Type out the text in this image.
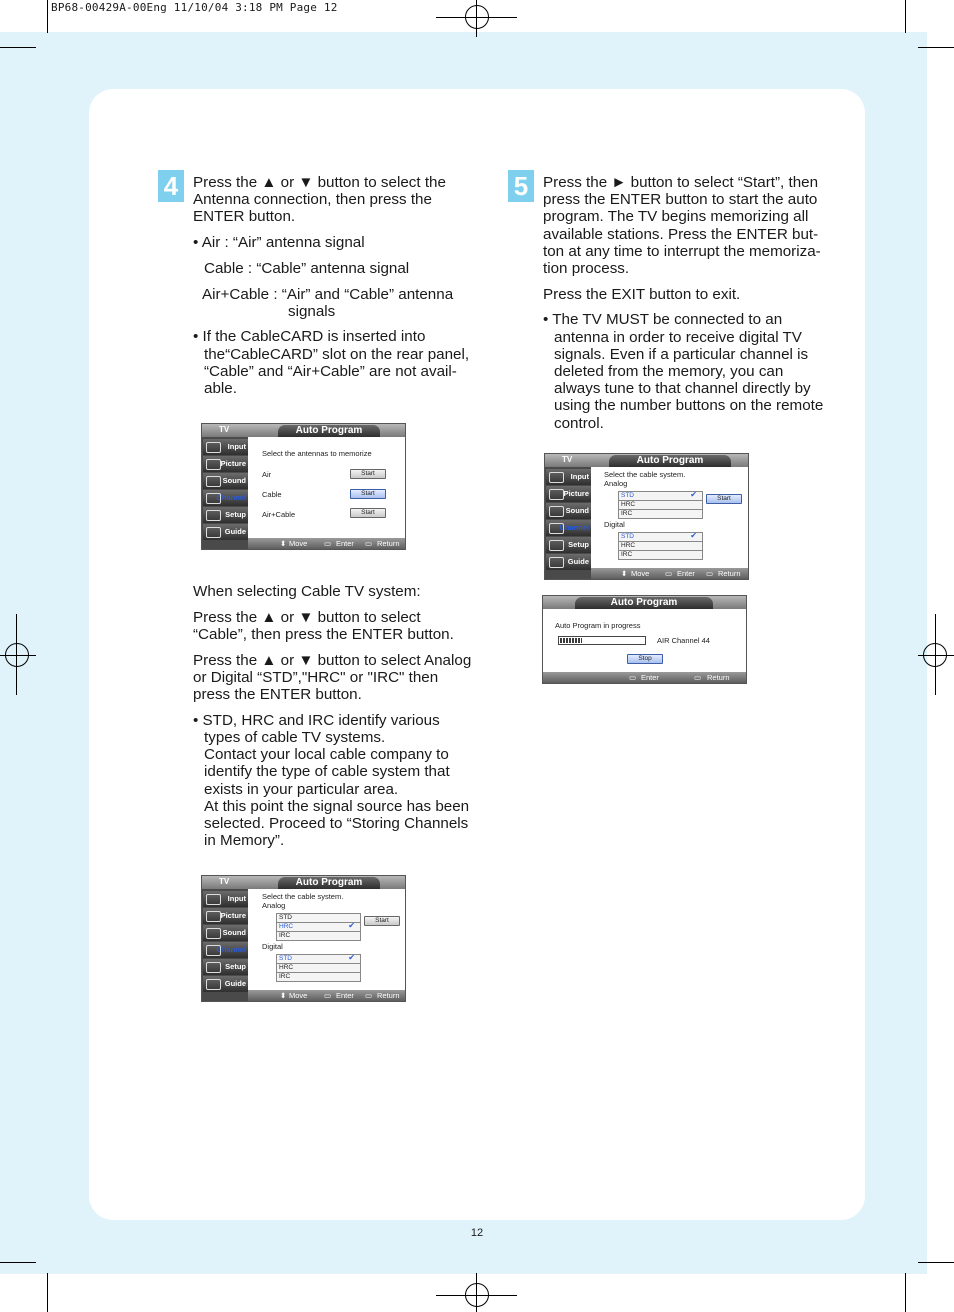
BP68-00429A-00Eng 11/10/04 3:18 PM Page 12
4 Press the ▲ or ▼ button to select the

Antenna connection, then press the

ENTER button.

• Air : “Air” antenna signal

Cable : “Cable” antenna signal

Air+Cable : “Air” and “Cable” antenna

signals

• If the CableCARD is inserted into

the“CableCARD” slot on the rear panel,

“Cable” and “Air+Cable” are not avail-

able.

TV	Auto Program
Input
Picture
Sound
Channel
Setup
Guide
Select the antennas to memorize
Air	Start
Cable	Start
Air+Cable	Start
⬍ Move ▭ Enter ▭ Return

When selecting Cable TV system:

Press the ▲ or ▼ button to select

“Cable”, then press the ENTER button.

Press the ▲ or ▼ button to select Analog

or Digital “STD”,"HRC" or "IRC" then

press the ENTER button.

• STD, HRC and IRC identify various

types of cable TV systems.

Contact your local cable company to

identify the type of cable system that

exists in your particular area.

At this point the signal source has been

selected. Proceed to “Storing Channels

in Memory”.

TV	Auto Program
Input
Picture
Sound
Channel
Setup
Guide
Select the cable system.
Analog
STD
HRC	✔
IRC
Start
Digital
STD	✔
HRC
IRC
⬍ Move ▭ Enter ▭ Return
5 Press the ► button to select “Start”, then

press the ENTER button to start the auto

program. The TV begins memorizing all

available stations. Press the ENTER but-

ton at any time to interrupt the memoriza-

tion process.

Press the EXIT button to exit.

• The TV MUST be connected to an

antenna in order to receive digital TV

signals. Even if a particular channel is

deleted from the memory, you can

always tune to that channel directly by

using the number buttons on the remote

control.

TV	Auto Program
Input
Picture
Sound
Channel
Setup
Guide
Select the cable system.
Analog
STD	✔
HRC
IRC
Start
Digital
STD	✔
HRC
IRC
⬍ Move ▭ Enter ▭ Return
Auto Program
Auto Program in progress
AIR Channel 44
Stop
▭ Enter	▭ Return
12
